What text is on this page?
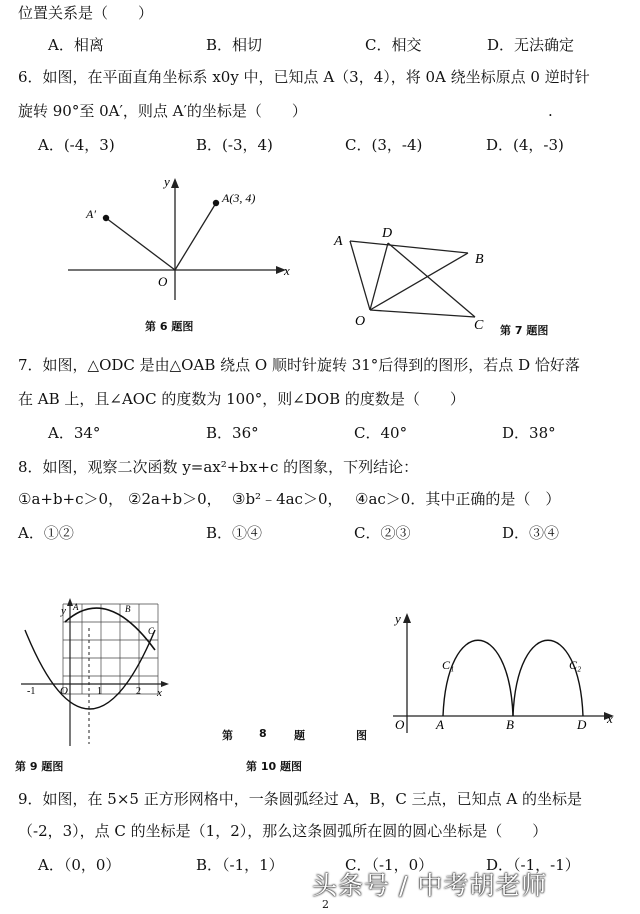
位置关系是（　　）
A．相离	B．相切	C．相交	D．无法确定
6．如图，在平面直角坐标系 x0y 中，已知点 A（3，4），将 0A 绕坐标原点 0 逆时针
旋转 90°至 0A′，则点 A′的坐标是（　　）	.
A．(-4，3)	B．(-3，4)	C．(3，-4)	D．(4，-3)
y
x
O
A(3, 4)
A′
第 6 题图
A
D
B
O	C 第 7 题图
7．如图，△ODC 是由△OAB 绕点 O 顺时针旋转 31°后得到的图形，若点 D 恰好落
在 AB 上，且∠AOC 的度数为 100°，则∠DOB 的度数是（　　）
A．34°	B．36°	C．40°	D．38°
8．如图，观察二次函数 y=ax²+bx+c 的图象，下列结论：
①a+b+c＞0， ②2a+b＞0， ③b²﹣4ac＞0， ④ac＞0．其中正确的是（　）
A．①②	B．①④	C．②③	D．③④
y
x
O
A	B
C
-1	1	2
第 9 题图
第 8 题	图
y
x
O A	B	D
C₁	C₂
第 10 题图
9．如图，在 5×5 正方形网格中，一条圆弧经过 A，B，C 三点，已知点 A 的坐标是
（-2，3），点 C 的坐标是（1，2），那么这条圆弧所在圆的圆心坐标是（　　）
A．（0，0）	B．（-1，1）	C．（-1，0）	D．（-1，-1）
头条号 / 中考胡老师
2
